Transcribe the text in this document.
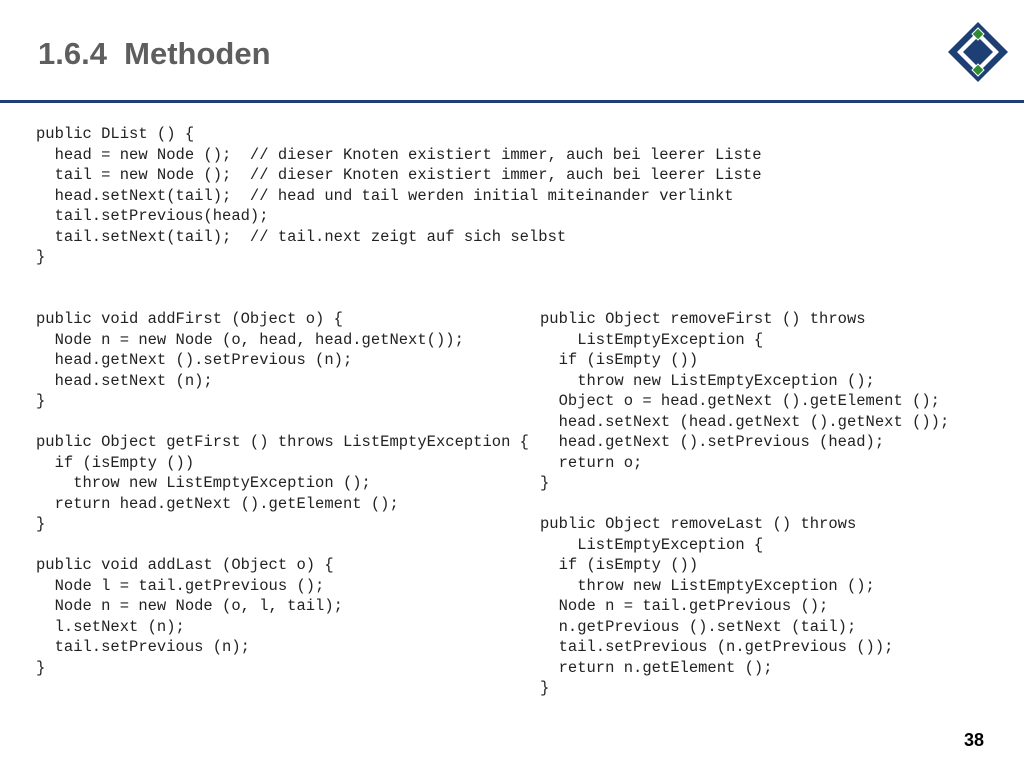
1.6.4  Methoden
public DList () {
head = new Node ();  // dieser Knoten existiert immer, auch bei leerer Liste
tail = new Node ();  // dieser Knoten existiert immer, auch bei leerer Liste
head.setNext(tail);  // head und tail werden initial miteinander verlinkt
tail.setPrevious(head);
tail.setNext(tail);  // tail.next zeigt auf sich selbst
}
public void addFirst (Object o) {
Node n = new Node (o, head, head.getNext());
head.getNext ().setPrevious (n);
head.setNext (n);
}

public Object getFirst () throws ListEmptyException {
if (isEmpty ())
throw new ListEmptyException ();
return head.getNext ().getElement ();
}

public void addLast (Object o) {
Node l = tail.getPrevious ();
Node n = new Node (o, l, tail);
l.setNext (n);
tail.setPrevious (n);
}
public Object removeFirst () throws
ListEmptyException {
if (isEmpty ())
throw new ListEmptyException ();
Object o = head.getNext ().getElement ();
head.setNext (head.getNext ().getNext ());
head.getNext ().setPrevious (head);
return o;
}

public Object removeLast () throws
ListEmptyException {
if (isEmpty ())
throw new ListEmptyException ();
Node n = tail.getPrevious ();
n.getPrevious ().setNext (tail);
tail.setPrevious (n.getPrevious ());
return n.getElement ();
}
38
